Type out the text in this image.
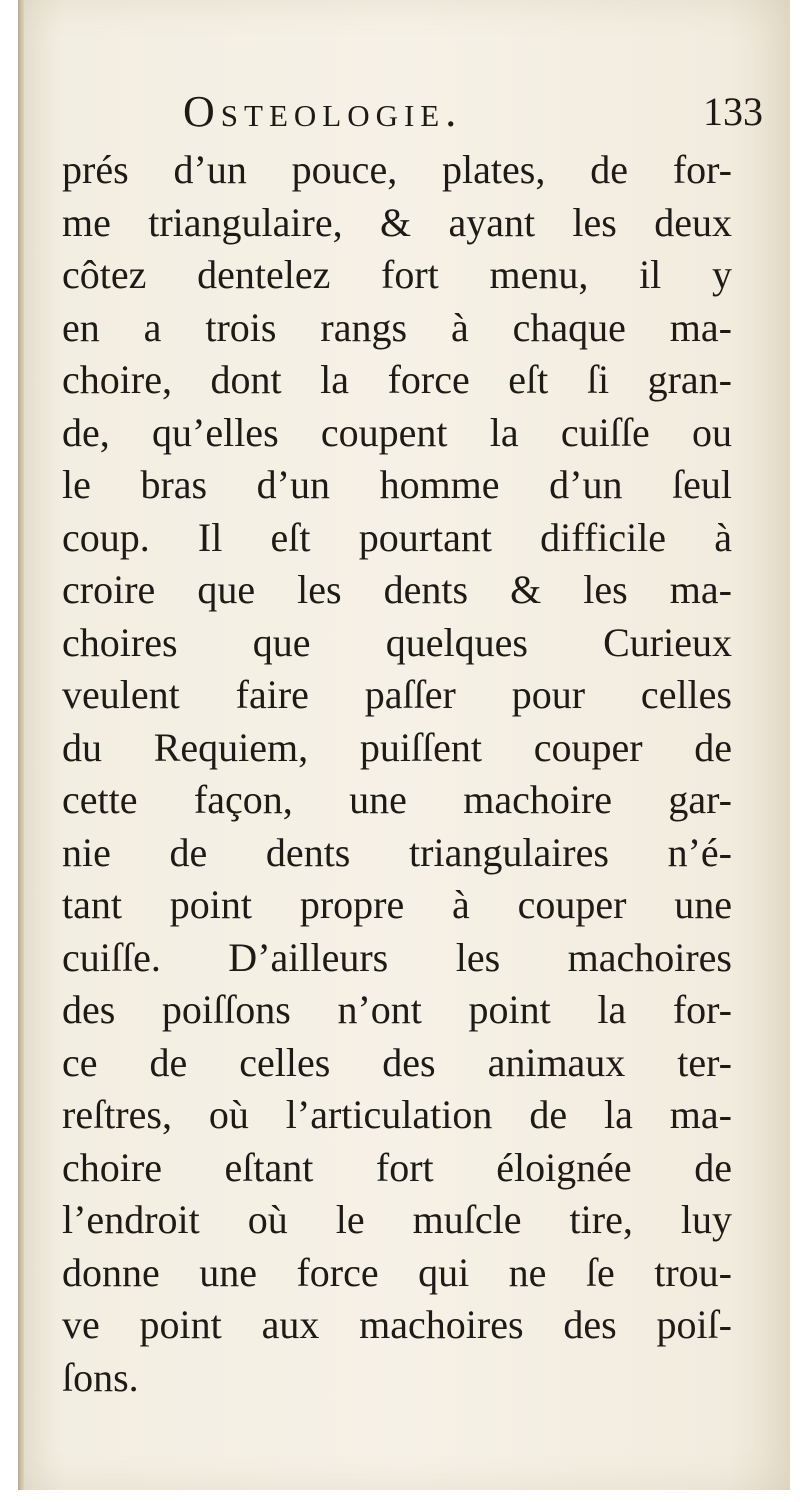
Osteologie.	133
prés d’un pouce, plates, de for-
me triangulaire, & ayant les deux
côtez dentelez fort menu, il y
en a trois rangs à chaque ma-
choire, dont la force eſt ſi gran-
de, qu’elles coupent la cuiſſe ou
le bras d’un homme d’un ſeul
coup. Il eſt pourtant difficile à
croire que les dents & les ma-
choires que quelques Curieux
veulent faire paſſer pour celles
du Requiem, puiſſent couper de
cette façon, une machoire gar-
nie de dents triangulaires n’é-
tant point propre à couper une
cuiſſe. D’ailleurs les machoires
des poiſſons n’ont point la for-
ce de celles des animaux ter-
reſtres, où l’articulation de la ma-
choire eſtant fort éloignée de
l’endroit où le muſcle tire, luy
donne une force qui ne ſe trou-
ve point aux machoires des poiſ-
ſons.
